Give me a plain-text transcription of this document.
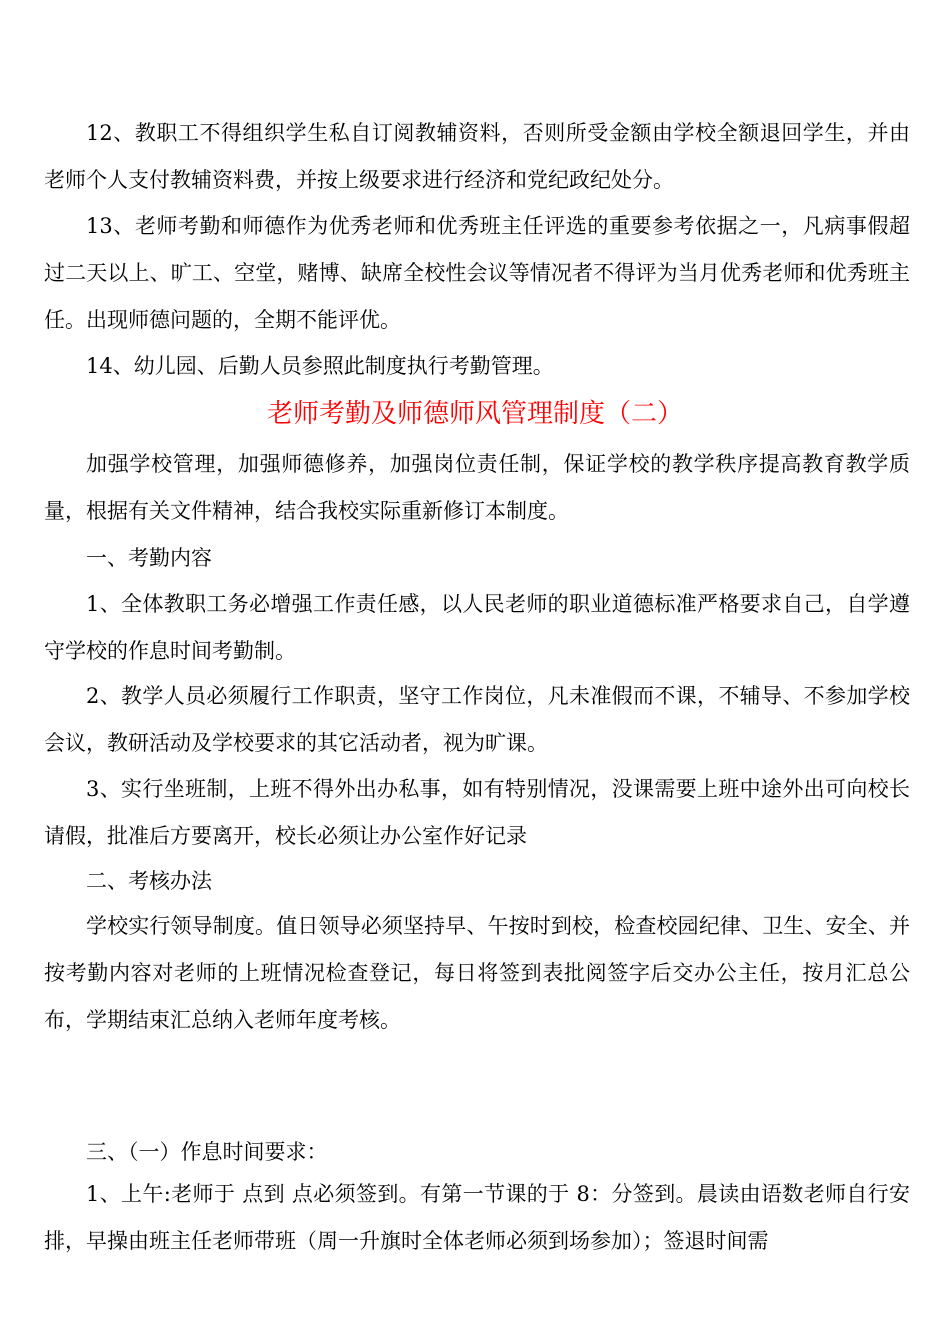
12、教职工不得组织学生私自订阅教辅资料，否则所受金额由学校全额退回学生，并由老师个人支付教辅资料费，并按上级要求进行经济和党纪政纪处分。

13、老师考勤和师德作为优秀老师和优秀班主任评选的重要参考依据之一，凡病事假超过二天以上、旷工、空堂，赌博、缺席全校性会议等情况者不得评为当月优秀老师和优秀班主任。出现师德问题的，全期不能评优。

14、幼儿园、后勤人员参照此制度执行考勤管理。

老师考勤及师德师风管理制度（二）

加强学校管理，加强师德修养，加强岗位责任制，保证学校的教学秩序提高教育教学质量，根据有关文件精神，结合我校实际重新修订本制度。

一、考勤内容

1、全体教职工务必增强工作责任感，以人民老师的职业道德标准严格要求自己，自学遵守学校的作息时间考勤制。

2、教学人员必须履行工作职责，坚守工作岗位，凡未准假而不课，不辅导、不参加学校会议，教研活动及学校要求的其它活动者，视为旷课。

3、实行坐班制，上班不得外出办私事，如有特别情况，没课需要上班中途外出可向校长请假，批准后方要离开，校长必须让办公室作好记录

二、考核办法

学校实行领导制度。值日领导必须坚持早、午按时到校，检查校园纪律、卫生、安全、并按考勤内容对老师的上班情况检查登记，每日将签到表批阅签字后交办公主任，按月汇总公布，学期结束汇总纳入老师年度考核。

三、（一）作息时间要求：

1、上午:老师于 点到 点必须签到。有第一节课的于 8：分签到。晨读由语数老师自行安排，早操由班主任老师带班（周一升旗时全体老师必须到场参加）；签退时间需
